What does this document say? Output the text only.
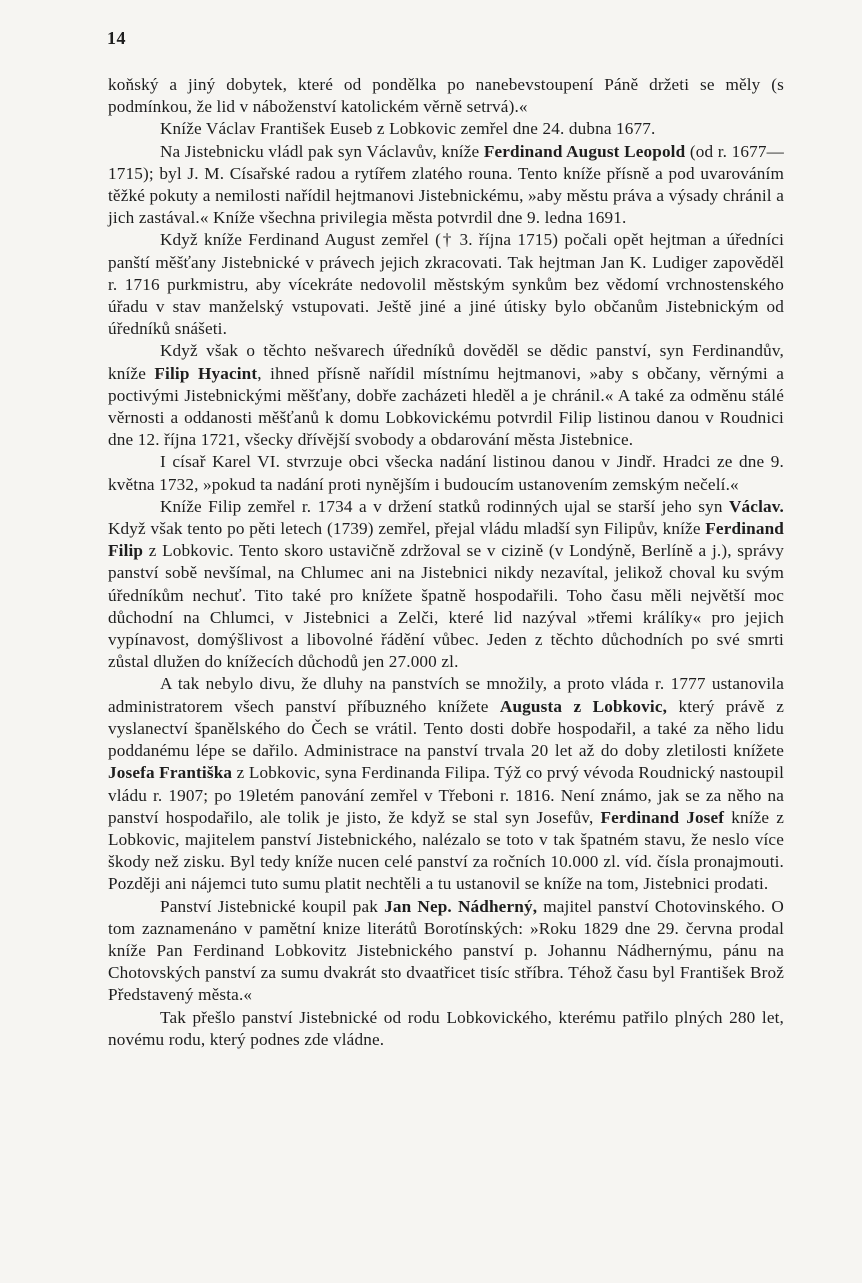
14

koňský a jiný dobytek, které od pondělka po nanebevstoupení Páně držeti se měly (s podmínkou, že lid v náboženství katolickém věrně setrvá).«

Kníže Václav František Euseb z Lobkovic zemřel dne 24. dubna 1677.

Na Jistebnicku vládl pak syn Václavův, kníže Ferdinand August Leopold (od r. 1677—1715); byl J. M. Císařské radou a rytířem zlatého rouna. Tento kníže přísně a pod uvarováním těžké pokuty a nemilosti nařídil hejtmanovi Jistebnickému, »aby městu práva a výsady chránil a jich zastával.« Kníže všechna privilegia města potvrdil dne 9. ledna 1691.

Když kníže Ferdinand August zemřel († 3. října 1715) počali opět hejtman a úředníci panští měšťany Jistebnické v právech jejich zkracovati. Tak hejtman Jan K. Ludiger zapověděl r. 1716 purkmistru, aby vícekráte nedovolil městským synkům bez vědomí vrchnostenského úřadu v stav manželský vstupovati. Ještě jiné a jiné útisky bylo občanům Jistebnickým od úředníků snášeti.

Když však o těchto nešvarech úředníků dověděl se dědic panství, syn Ferdinandův, kníže Filip Hyacint, ihned přísně nařídil místnímu hejtmanovi, »aby s občany, věrnými a poctivými Jistebnickými měšťany, dobře zacházeti hleděl a je chránil.« A také za odměnu stálé věrnosti a oddanosti měšťanů k domu Lobkovickému potvrdil Filip listinou danou v Roudnici dne 12. října 1721, všecky dřívější svobody a obdarování města Jistebnice.

I císař Karel VI. stvrzuje obci všecka nadání listinou danou v Jindř. Hradci ze dne 9. května 1732, »pokud ta nadání proti nynějším i budoucím ustanovením zemským nečelí.«

Kníže Filip zemřel r. 1734 a v držení statků rodinných ujal se starší jeho syn Václav. Když však tento po pěti letech (1739) zemřel, přejal vládu mladší syn Filipův, kníže Ferdinand Filip z Lobkovic. Tento skoro ustavičně zdržoval se v cizině (v Londýně, Berlíně a j.), správy panství sobě nevšímal, na Chlumec ani na Jistebnici nikdy nezavítal, jelikož choval ku svým úředníkům nechuť. Tito také pro knížete špatně hospodařili. Toho času měli největší moc důchodní na Chlumci, v Jistebnici a Zelči, které lid nazýval »třemi králíky« pro jejich vypínavost, domýšlivost a libovolné řádění vůbec. Jeden z těchto důchodních po své smrti zůstal dlužen do knížecích důchodů jen 27.000 zl.

A tak nebylo divu, že dluhy na panstvích se množily, a proto vláda r. 1777 ustanovila administratorem všech panství příbuzného knížete Augusta z Lobkovic, který právě z vyslanectví španělského do Čech se vrátil. Tento dosti dobře hospodařil, a také za něho lidu poddanému lépe se dařilo. Administrace na panství trvala 20 let až do doby zletilosti knížete Josefa Františka z Lobkovic, syna Ferdinanda Filipa. Týž co prvý vévoda Roudnický nastoupil vládu r. 1907; po 19letém panování zemřel v Třeboni r. 1816. Není známo, jak se za něho na panství hospodařilo, ale tolik je jisto, že když se stal syn Josefův, Ferdinand Josef kníže z Lobkovic, majitelem panství Jistebnického, nalézalo se toto v tak špatném stavu, že neslo více škody než zisku. Byl tedy kníže nucen celé panství za ročních 10.000 zl. víd. čísla pronajmouti. Později ani nájemci tuto sumu platit nechtěli a tu ustanovil se kníže na tom, Jistebnici prodati.

Panství Jistebnické koupil pak Jan Nep. Nádherný, majitel panství Chotovinského. O tom zaznamenáno v pamětní knize literátů Borotínských: »Roku 1829 dne 29. června prodal kníže Pan Ferdinand Lobkovitz Jistebnického panství p. Johannu Nádhernýmu, pánu na Chotovských panství za sumu dvakrát sto dvaatřicet tisíc stříbra. Téhož času byl František Brož Představený města.«

Tak přešlo panství Jistebnické od rodu Lobkovického, kterému patřilo plných 280 let, novému rodu, který podnes zde vládne.
